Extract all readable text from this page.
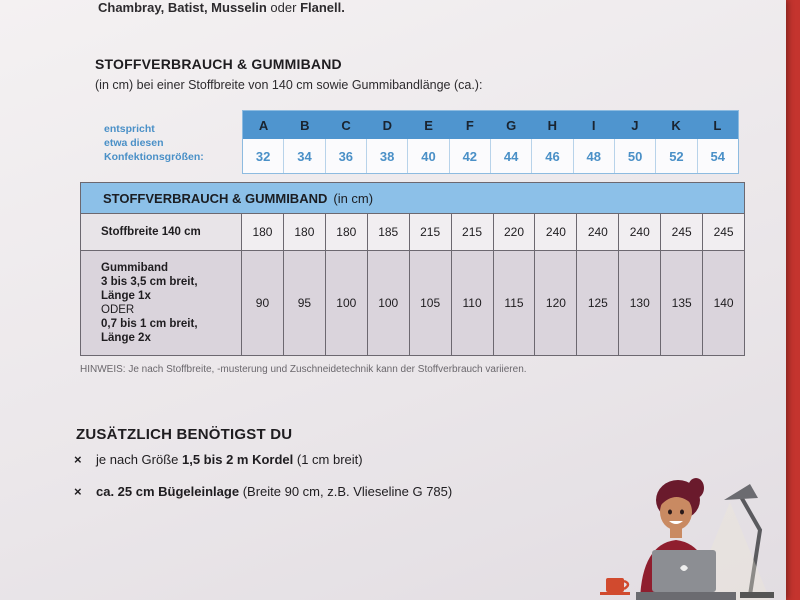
Chambray, Batist, Musselin oder Flanell.
STOFFVERBRAUCH & GUMMIBAND
(in cm) bei einer Stoffbreite von 140 cm sowie Gummibandlänge (ca.):
entspricht
etwa diesen
Konfektionsgrößen:
A	B	C	D	E	F	G	H	I	J	K	L
32	34	36	38	40	42	44	46	48	50	52	54
STOFFVERBRAUCH & GUMMIBAND (in cm)
Stoffbreite 140 cm	180	180	180	185	215	215	220	240	240	240	245	245
Gummiband
3 bis 3,5 cm breit,
Länge 1x
ODER
0,7 bis 1 cm breit,
Länge 2x
90	95	100	100	105	110	115	120	125	130	135	140
HINWEIS: Je nach Stoffbreite, -musterung und Zuschneidetechnik kann der Stoffverbrauch variieren.
ZUSÄTZLICH BENÖTIGST DU
× je nach Größe 1,5 bis 2 m Kordel (1 cm breit)
× ca. 25 cm Bügeleinlage (Breite 90 cm, z.B. Vlieseline G 785)
